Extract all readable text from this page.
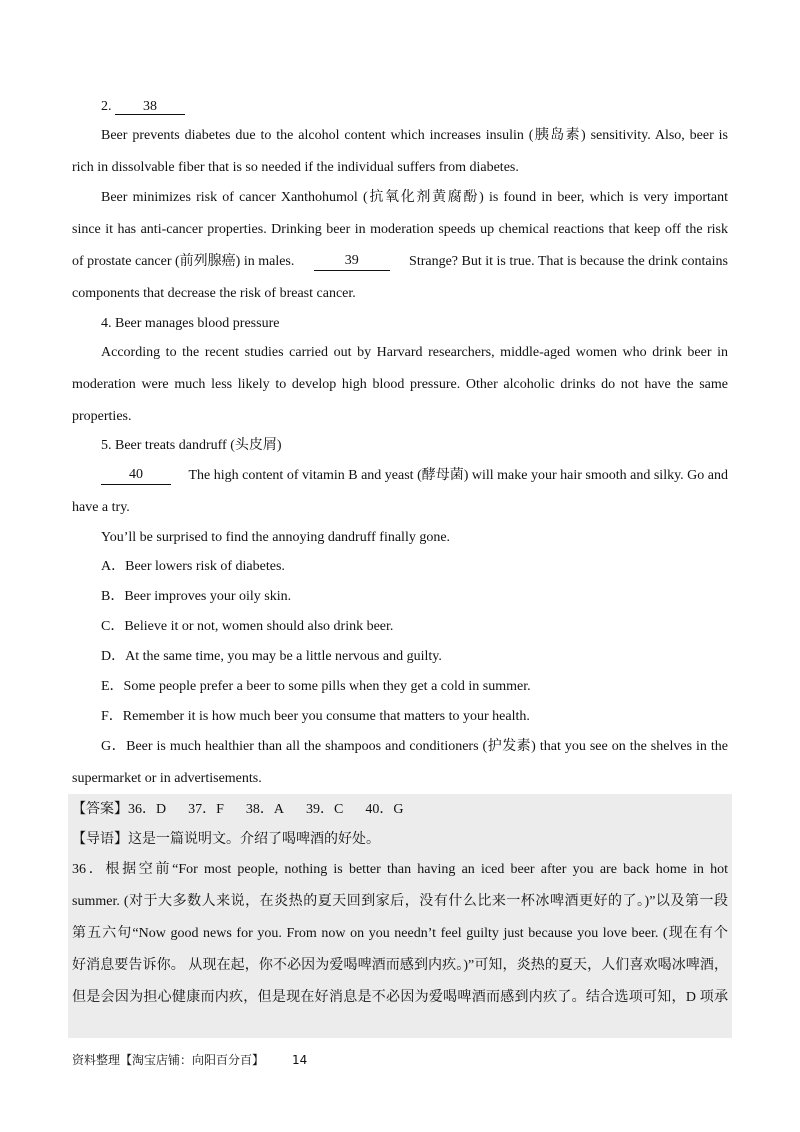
2. 38
Beer prevents diabetes due to the alcohol content which increases insulin (胰岛素) sensitivity. Also, beer is
rich in dissolvable fiber that is so needed if the individual suffers from diabetes.
Beer minimizes risk of cancer Xanthohumol (抗氧化剂黄腐酚) is found in beer, which is very important
since it has anti-cancer properties. Drinking beer in moderation speeds up chemical reactions that keep off the risk
of prostate cancer (前列腺癌) in males.	39	Strange? But it is true. That is because the drink contains
components that decrease the risk of breast cancer.
4. Beer manages blood pressure
According to the recent studies carried out by Harvard researchers, middle-aged women who drink beer in
moderation were much less likely to develop high blood pressure. Other alcoholic drinks do not have the same
properties.
5. Beer treats dandruff (头皮屑)
40	The high content of vitamin B and yeast (酵母菌) will make your hair smooth and silky. Go and
have a try.
You’ll be surprised to find the annoying dandruff finally gone.
A．Beer lowers risk of diabetes.
B．Beer improves your oily skin.
C．Believe it or not, women should also drink beer.
D．At the same time, you may be a little nervous and guilty.
E．Some people prefer a beer to some pills when they get a cold in summer.
F．Remember it is how much beer you consume that matters to your health.
G．Beer is much healthier than all the shampoos and conditioners (护发素) that you see on the shelves in the
supermarket or in advertisements.
【答案】36．D 37．F 38．A 39．C 40．G
【导语】这是一篇说明文。介绍了喝啤酒的好处。
36．根据空前“For most people, nothing is better than having an iced beer after you are back home in hot
summer. (对于大多数人来说，在炎热的夏天回到家后，没有什么比来一杯冰啤酒更好的了。)”以及第一段
第五六句“Now good news for you. From now on you needn’t feel guilty just because you love beer. (现在有个
好消息要告诉你。 从现在起，你不必因为爱喝啤酒而感到内疚。)”可知，炎热的夏天，人们喜欢喝冰啤酒，
但是会因为担心健康而内疚，但是现在好消息是不必因为爱喝啤酒而感到内疚了。结合选项可知，D 项承
资料整理【淘宝店铺：向阳百分百】 14
